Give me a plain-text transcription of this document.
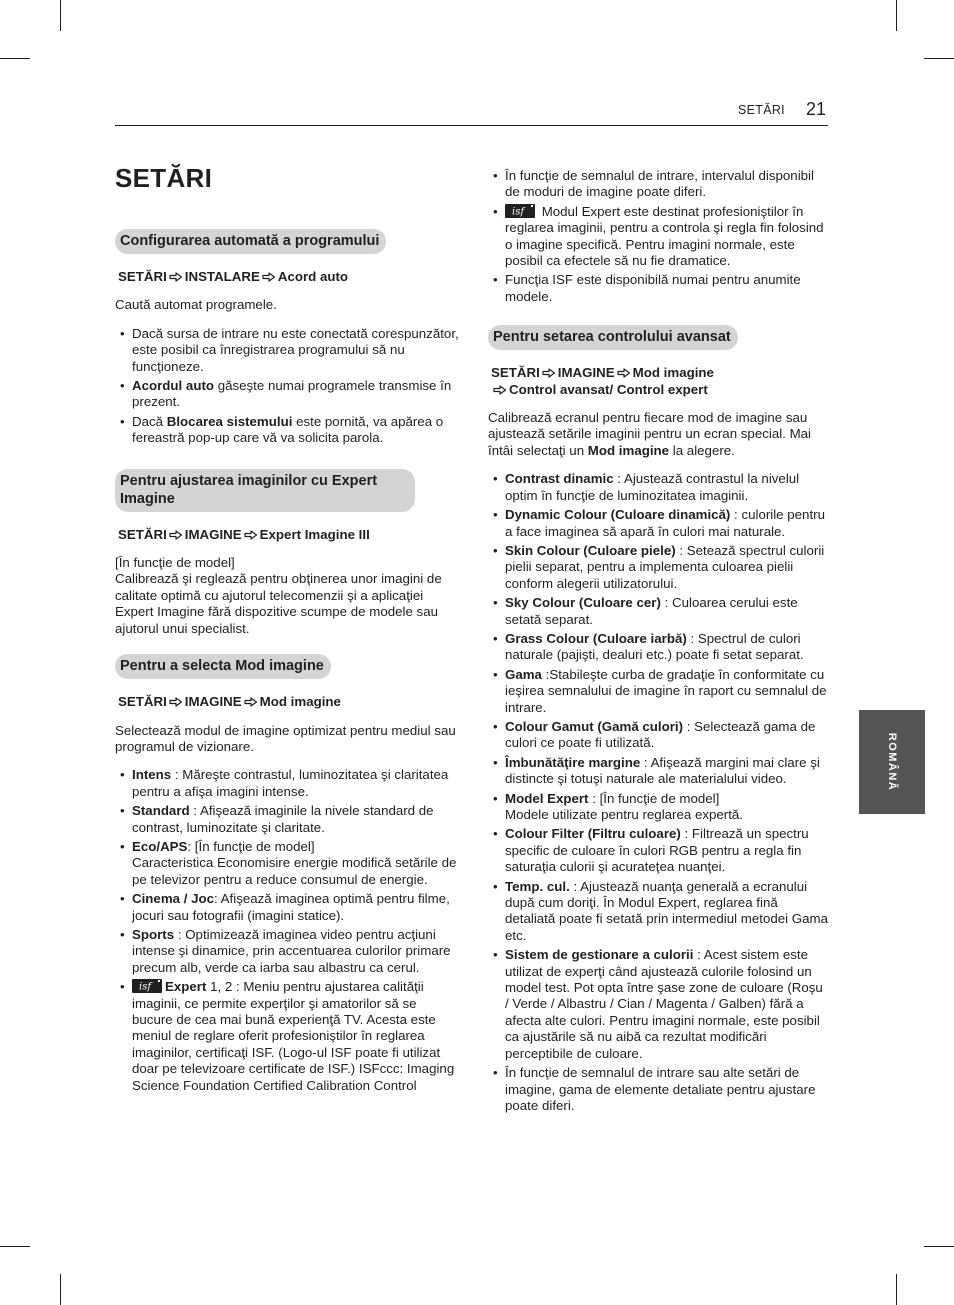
SETĂRI 21
SETĂRI
ROMÂNĂ
Configurarea automată a programului
SETĂRI INSTALARE Acord auto

Caută automat programele.

• Dacă sursa de intrare nu este conectată corespunzător, este posibil ca înregistrarea programului să nu funcţioneze.
• Acordul auto găseşte numai programele transmise în prezent.
• Dacă Blocarea sistemului este pornită, va apărea o fereastră pop-up care vă va solicita parola.
Pentru ajustarea imaginilor cu Expert Imagine
SETĂRI IMAGINE Expert Imagine III

[În funcţie de model]

Calibrează şi reglează pentru obţinerea unor imagini de calitate optimă cu ajutorul telecomenzii şi a aplicaţiei Expert Imagine fără dispozitive scumpe de modele sau ajutorul unui specialist.

Pentru a selecta Mod imagine
SETĂRI IMAGINE Mod imagine

Selectează modul de imagine optimizat pentru mediul sau programul de vizionare.

• Intens : Măreşte contrastul, luminozitatea şi claritatea pentru a afişa imagini intense.
• Standard : Afişează imaginile la nivele standard de contrast, luminozitate şi claritate.
• Eco/APS: [În funcţie de model]
Caracteristica Economisire energie modifică setările de pe televizor pentru a reduce consumul de energie.
• Cinema / Joc: Afişează imaginea optimă pentru filme, jocuri sau fotografii (imagini statice).
• Sports : Optimizează imaginea video pentru acţiuni intense şi dinamice, prin accentuarea culorilor primare precum alb, verde ca iarba sau albastru ca cerul.
• isf Expert 1, 2 : Meniu pentru ajustarea calităţii imaginii, ce permite experţilor şi amatorilor să se bucure de cea mai bună experienţă TV. Acesta este meniul de reglare oferit profesioniştilor în reglarea imaginilor, certificaţi ISF. (Logo-ul ISF poate fi utilizat doar pe televizoare certificate de ISF.) ISFccc: Imaging Science Foundation Certified Calibration Control
• În funcţie de semnalul de intrare, intervalul disponibil de moduri de imagine poate diferi.
• isf Modul Expert este destinat profesioniştilor în reglarea imaginii, pentru a controla şi regla fin folosind o imagine specifică. Pentru imagini normale, este posibil ca efectele să nu fie dramatice.
• Funcţia ISF este disponibilă numai pentru anumite modele.
Pentru setarea controlului avansat
SETĂRI IMAGINE Mod imagine
Control avansat/ Control expert

Calibrează ecranul pentru fiecare mod de imagine sau ajustează setările imaginii pentru un ecran special. Mai întâi selectaţi un Mod imagine la alegere.

• Contrast dinamic : Ajustează contrastul la nivelul optim în funcţie de luminozitatea imaginii.
• Dynamic Colour (Culoare dinamică) : culorile pentru a face imaginea să apară în culori mai naturale.
• Skin Colour (Culoare piele) : Setează spectrul culorii pielii separat, pentru a implementa culoarea pielii conform alegerii utilizatorului.
• Sky Colour (Culoare cer) : Culoarea cerului este setată separat.
• Grass Colour (Culoare iarbă) : Spectrul de culori naturale (pajişti, dealuri etc.) poate fi setat separat.
• Gama :Stabileşte curba de gradaţie în conformitate cu ieşirea semnalului de imagine în raport cu semnalul de intrare.
• Colour Gamut (Gamă culori) : Selectează gama de culori ce poate fi utilizată.
• Îmbunătăţire margine : Afişează margini mai clare şi distincte şi totuşi naturale ale materialului video.
• Model Expert : [În funcţie de model]
Modele utilizate pentru reglarea expertă.
• Colour Filter (Filtru culoare) : Filtrează un spectru specific de culoare în culori RGB pentru a regla fin saturaţia culorii şi acurateţea nuanţei.
• Temp. cul. : Ajustează nuanţa generală a ecranului după cum doriţi. În Modul Expert, reglarea fină detaliată poate fi setată prin intermediul metodei Gama etc.
• Sistem de gestionare a culorii : Acest sistem este utilizat de experţi când ajustează culorile folosind un model test. Pot opta între şase zone de culoare (Roşu / Verde / Albastru / Cian / Magenta / Galben) fără a afecta alte culori. Pentru imagini normale, este posibil ca ajustările să nu aibă ca rezultat modificări perceptibile de culoare.
• În funcţie de semnalul de intrare sau alte setări de imagine, gama de elemente detaliate pentru ajustare poate diferi.
